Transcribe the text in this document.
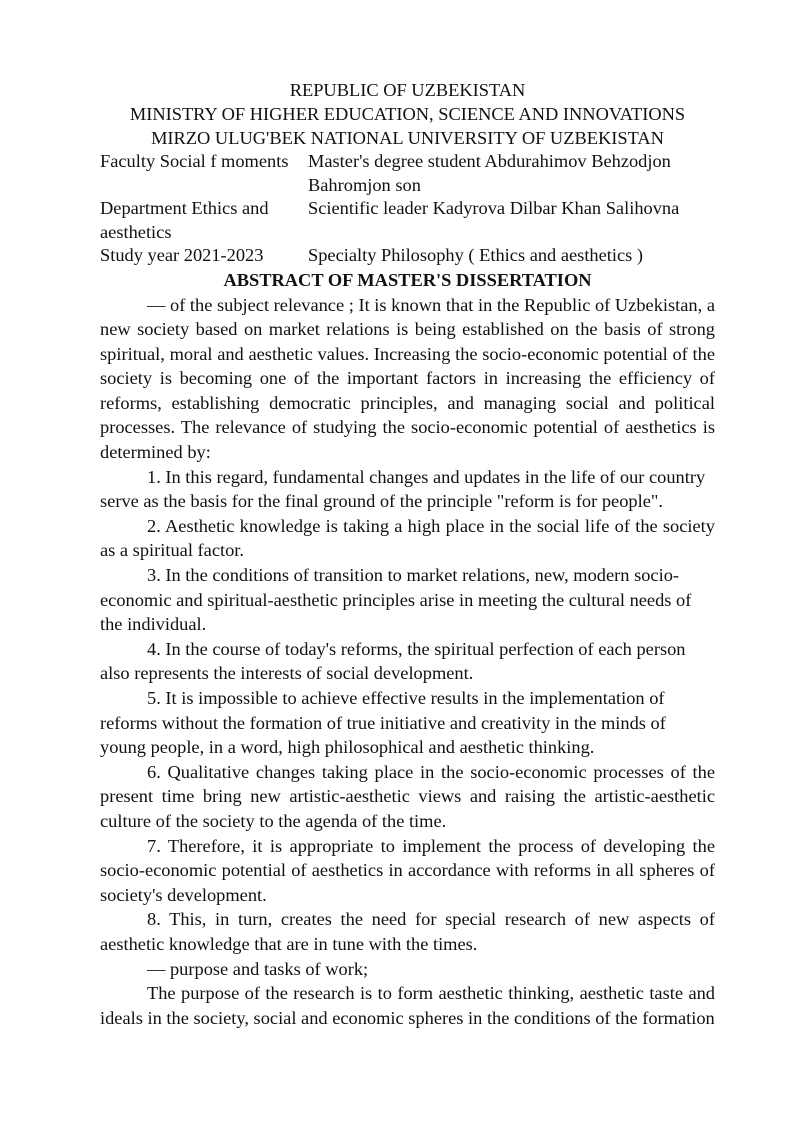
REPUBLIC OF UZBEKISTAN
MINISTRY OF HIGHER EDUCATION, SCIENCE AND INNOVATIONS
MIRZO ULUG'BEK NATIONAL UNIVERSITY OF UZBEKISTAN
Faculty Social f moments	Master's degree student Abdurahimov Behzodjon Bahromjon son
Department Ethics and aesthetics	Scientific leader Kadyrova Dilbar Khan Salihovna
Study year 2021-2023	Specialty Philosophy ( Ethics and aesthetics )
ABSTRACT OF MASTER'S DISSERTATION

— of the subject relevance ; It is known that in the Republic of Uzbekistan, a new society based on market relations is being established on the basis of strong spiritual, moral and aesthetic values. Increasing the socio-economic potential of the society is becoming one of the important factors in increasing the efficiency of reforms, establishing democratic principles, and managing social and political processes. The relevance of studying the socio-economic potential of aesthetics is determined by:

1. In this regard, fundamental changes and updates in the life of our country serve as the basis for the final ground of the principle "reform is for people".

2. Aesthetic knowledge is taking a high place in the social life of the society as a spiritual factor.

3. In the conditions of transition to market relations, new, modern socio-economic and spiritual-aesthetic principles arise in meeting the cultural needs of the individual.

4. In the course of today's reforms, the spiritual perfection of each person also represents the interests of social development.

5. It is impossible to achieve effective results in the implementation of reforms without the formation of true initiative and creativity in the minds of young people, in a word, high philosophical and aesthetic thinking.

6. Qualitative changes taking place in the socio-economic processes of the present time bring new artistic-aesthetic views and raising the artistic-aesthetic culture of the society to the agenda of the time.

7. Therefore, it is appropriate to implement the process of developing the socio-economic potential of aesthetics in accordance with reforms in all spheres of society's development.

8. This, in turn, creates the need for special research of new aspects of aesthetic knowledge that are in tune with the times.

— purpose and tasks of work;

The purpose of the research is to form aesthetic thinking, aesthetic taste and ideals in the society, social and economic spheres in the conditions of the formation
